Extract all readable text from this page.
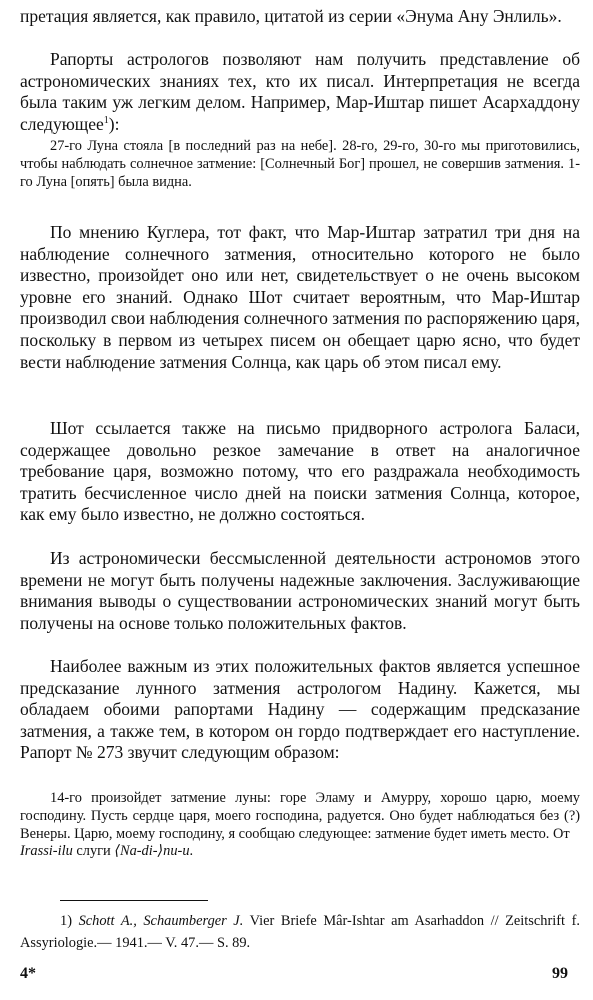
претация является, как правило, цитатой из серии «Энума Ану Энлиль».

Рапорты астрологов позволяют нам получить представление об астрономических знаниях тех, кто их писал. Интерпретация не всегда была таким уж легким делом. Например, Мар-Иштар пишет Асархаддону следующее$^1$):

27-го Луна стояла [в последний раз на небе]. 28-го, 29-го, 30-го мы приготовились, чтобы наблюдать солнечное затмение: [Солнечный Бог] прошел, не совершив затмения. 1-го Луна [опять] была видна.

По мнению Куглера, тот факт, что Мар-Иштар затратил три дня на наблюдение солнечного затмения, относительно которого не было известно, произойдет оно или нет, свидетельствует о не очень высоком уровне его знаний. Однако Шот считает вероятным, что Мар-Иштар производил свои наблюдения солнечного затмения по распоряжению царя, поскольку в первом из четырех писем он обещает царю ясно, что будет вести наблюдение затмения Солнца, как царь об этом писал ему.

Шот ссылается также на письмо придворного астролога Баласи, содержащее довольно резкое замечание в ответ на аналогичное требование царя, возможно потому, что его раздражала необходимость тратить бесчисленное число дней на поиски затмения Солнца, которое, как ему было известно, не должно состояться.

Из астрономически бессмысленной деятельности астрономов этого времени не могут быть получены надежные заключения. Заслуживающие внимания выводы о существовании астрономических знаний могут быть получены на основе только положительных фактов.

Наиболее важным из этих положительных фактов является успешное предсказание лунного затмения астрологом Надину. Кажется, мы обладаем обоими рапортами Надину — содержащим предсказание затмения, а также тем, в котором он гордо подтверждает его наступление. Рапорт № 273 звучит следующим образом:

14-го произойдет затмение луны: горе Эламу и Амурру, хорошо царю, моему господину. Пусть сердце царя, моего господина, радуется. Оно будет наблюдаться без (?) Венеры. Царю, моему господину, я сообщаю следующее: затмение будет иметь место. От
Irassi-ilu слуги ⟨Na-di-⟩nu-u.

1) Schott A., Schaumberger J. Vier Briefe Mâr-Ishtar am Asarhaddon // Zeitschrift f. Assyriologie.— 1941.— V. 47.— S. 89.

4*	99
